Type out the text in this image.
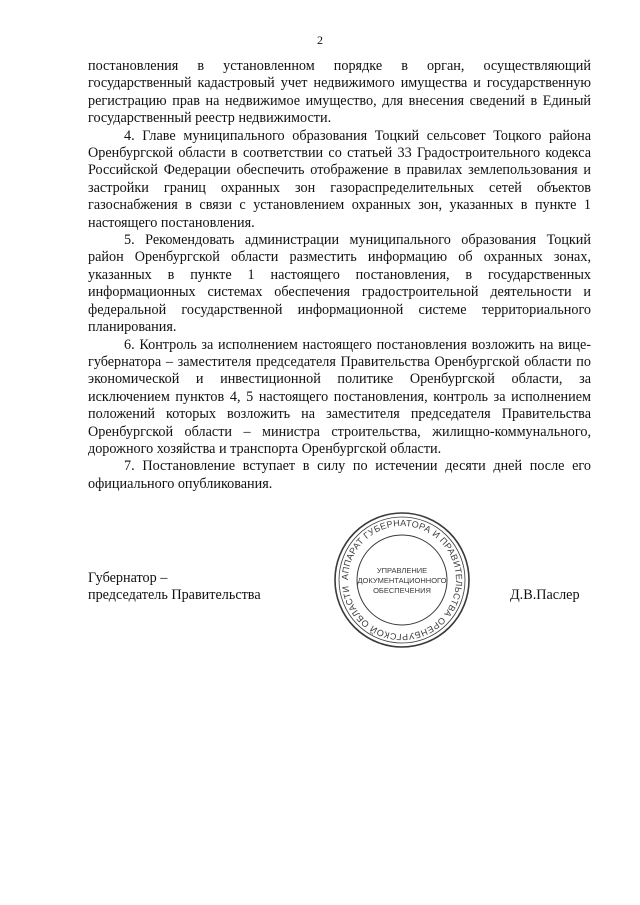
2

постановления в установленном порядке в орган, осуществляющий государственный кадастровый учет недвижимого имущества и государственную регистрацию прав на недвижимое имущество, для внесения сведений в Единый государственный реестр недвижимости.

4. Главе муниципального образования Тоцкий сельсовет Тоцкого района Оренбургской области в соответствии со статьей 33 Градостроительного кодекса Российской Федерации обеспечить отображение в правилах землепользования и застройки границ охранных зон газораспределительных сетей объектов газоснабжения в связи с установлением охранных зон, указанных в пункте 1 настоящего постановления.

5. Рекомендовать администрации муниципального образования Тоцкий район Оренбургской области разместить информацию об охранных зонах, указанных в пункте 1 настоящего постановления, в государственных информационных системах обеспечения градостроительной деятельности и федеральной государственной информационной системе территориального планирования.

6. Контроль за исполнением настоящего постановления возложить на вице-губернатора – заместителя председателя Правительства Оренбургской области по экономической и инвестиционной политике Оренбургской области, за исключением пунктов 4, 5 настоящего постановления, контроль за исполнением положений которых возложить на заместителя председателя Правительства Оренбургской области – министра строительства, жилищно-коммунального, дорожного хозяйства и транспорта Оренбургской области.

7. Постановление вступает в силу по истечении десяти дней после его официального опубликования.

Губернатор –
председатель Правительства
АППАРАТ ГУБЕРНАТОРА И ПРАВИТЕЛЬСТВА ОРЕНБУРГСКОЙ ОБЛАСТИ
УПРАВЛЕНИЕ
ДОКУМЕНТАЦИОННОГО
ОБЕСПЕЧЕНИЯ	Д.В.Паслер
